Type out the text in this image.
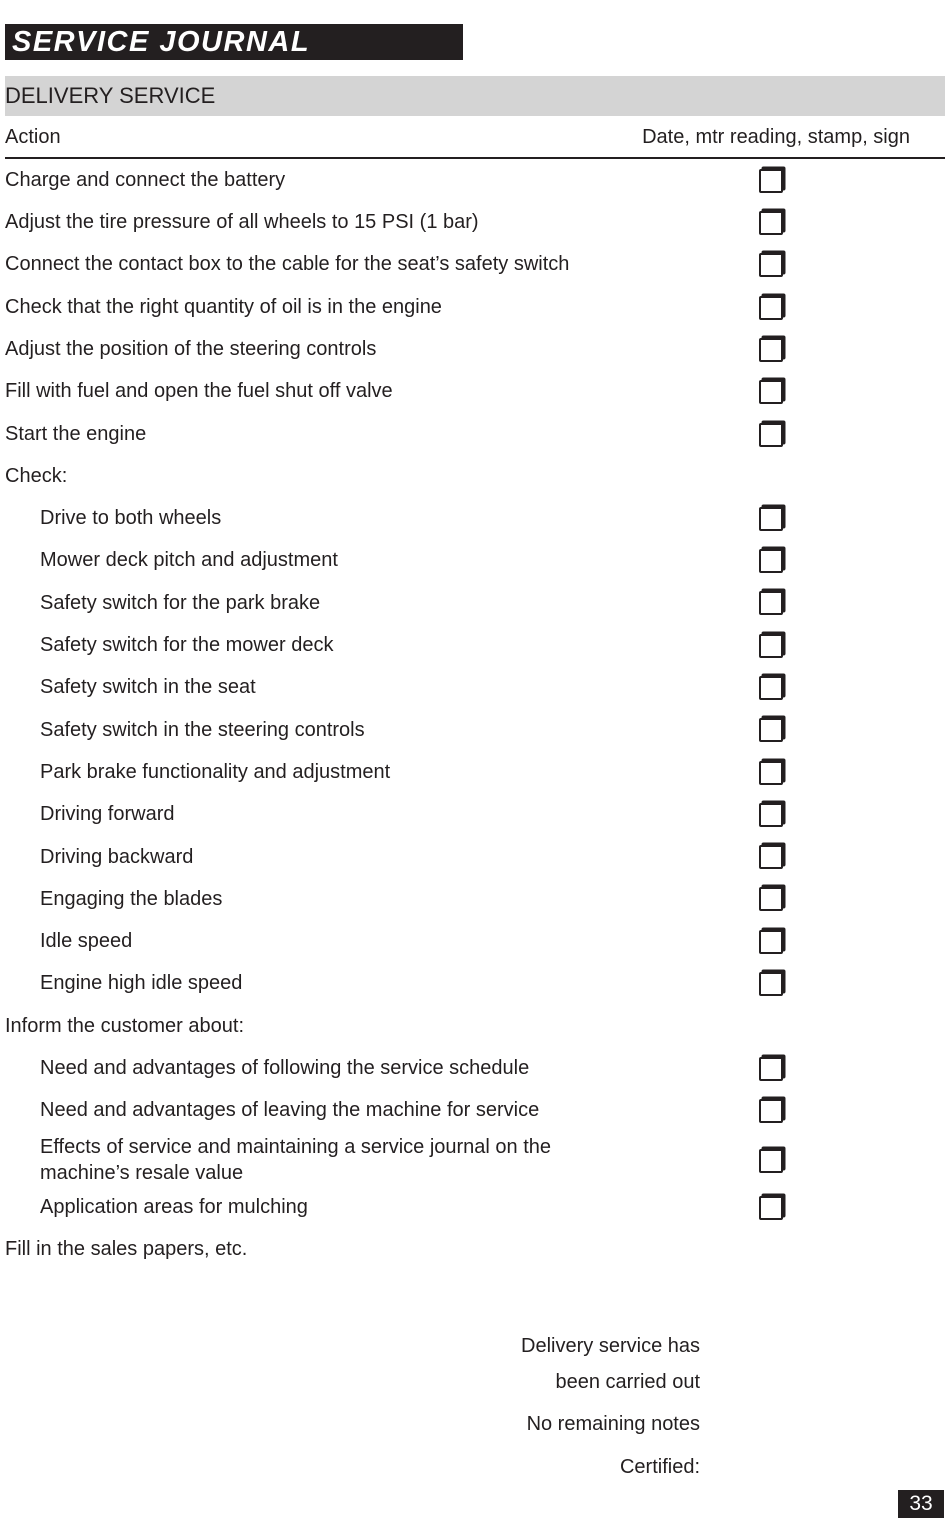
SERVICE JOURNAL
DELIVERY SERVICE
Action	Date, mtr reading, stamp, sign
Charge and connect the battery
Adjust the tire pressure of all wheels to 15 PSI (1 bar)
Connect the contact box to the cable for the seat’s safety switch
Check that the right quantity of oil is in the engine
Adjust the position of the steering controls
Fill with fuel and open the fuel shut off valve
Start the engine
Check:
Drive to both wheels
Mower deck pitch and adjustment
Safety switch for the park brake
Safety switch for the mower deck
Safety switch in the seat
Safety switch in the steering controls
Park brake functionality and adjustment
Driving forward
Driving backward
Engaging the blades
Idle speed
Engine high idle speed
Inform the customer about:
Need and advantages of following the service schedule
Need and advantages of leaving the machine for service
Effects of service and maintaining a service journal on the
machine’s resale value
Application areas for mulching
Fill in the sales papers, etc.
Delivery service has
been carried out
No remaining notes
Certified:
33
